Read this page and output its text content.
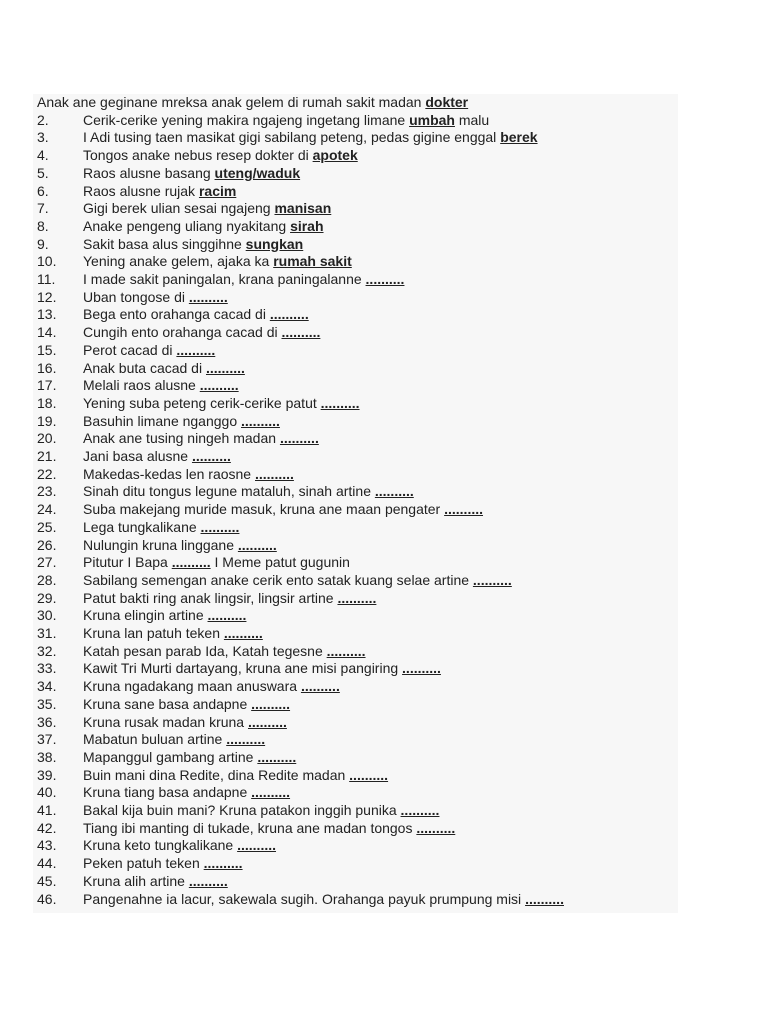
Anak ane geginane mreksa anak gelem di rumah sakit madan dokter
2. Cerik-cerike yening makira ngajeng ingetang limane umbah malu
3. I Adi tusing taen masikat gigi sabilang peteng, pedas gigine enggal berek
4. Tongos anake nebus resep dokter di apotek
5. Raos alusne basang uteng/waduk
6. Raos alusne rujak racim
7. Gigi berek ulian sesai ngajeng manisan
8. Anake pengeng uliang nyakitang sirah
9. Sakit basa alus singgihne sungkan
10. Yening anake gelem, ajaka ka rumah sakit
11. I made sakit paningalan, krana paningalanne ..........
12. Uban tongose di ..........
13. Bega ento orahanga cacad di ..........
14. Cungih ento orahanga cacad di ..........
15. Perot cacad di ..........
16. Anak buta cacad di ..........
17. Melali raos alusne ..........
18. Yening suba peteng cerik-cerike patut ..........
19. Basuhin limane nganggo ..........
20. Anak ane tusing ningeh madan ..........
21. Jani basa alusne ..........
22. Makedas-kedas len raosne ..........
23. Sinah ditu tongus legune mataluh, sinah artine ..........
24. Suba makejang muride masuk, kruna ane maan pengater ..........
25. Lega tungkalikane ..........
26. Nulungin kruna linggane ..........
27. Pitutur I Bapa .......... I Meme patut gugunin
28. Sabilang semengan anake cerik ento satak kuang selae artine ..........
29. Patut bakti ring anak lingsir, lingsir artine ..........
30. Kruna elingin artine ..........
31. Kruna lan patuh teken ..........
32. Katah pesan parab Ida, Katah tegesne ..........
33. Kawit Tri Murti dartayang, kruna ane misi pangiring ..........
34. Kruna ngadakang maan anuswara ..........
35. Kruna sane basa andapne ..........
36. Kruna rusak madan kruna ..........
37. Mabatun buluan artine ..........
38. Mapanggul gambang artine ..........
39. Buin mani dina Redite, dina Redite madan ..........
40. Kruna tiang basa andapne ..........
41. Bakal kija buin mani? Kruna patakon inggih punika ..........
42. Tiang ibi manting di tukade, kruna ane madan tongos ..........
43. Kruna keto tungkalikane ..........
44. Peken patuh teken ..........
45. Kruna alih artine ..........
46. Pangenahne ia lacur, sakewala sugih. Orahanga payuk prumpung misi ..........
